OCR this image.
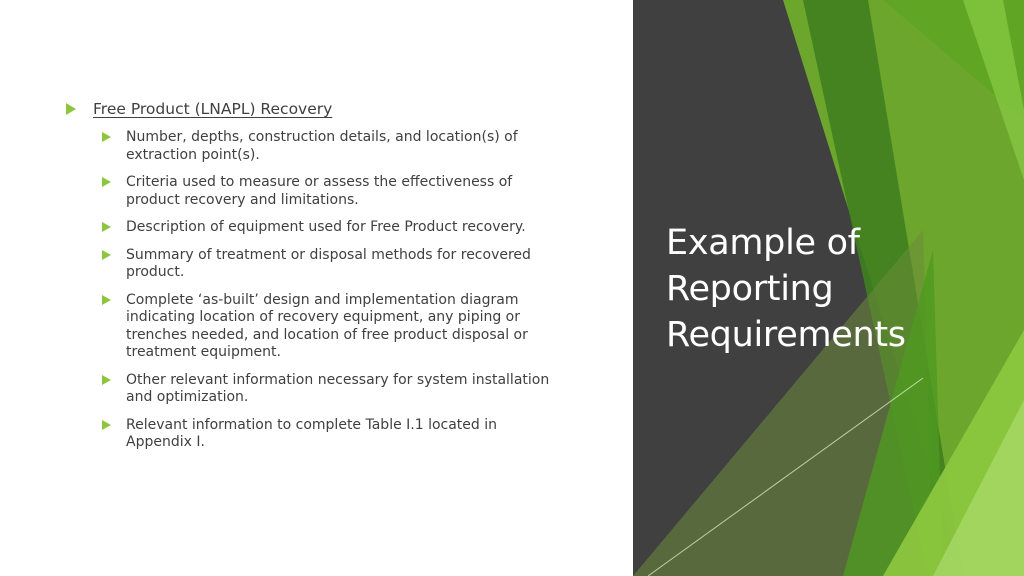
Free Product (LNAPL) Recovery
Number, depths, construction details, and location(s) of extraction point(s).
Criteria used to measure or assess the effectiveness of product recovery and limitations.
Description of equipment used for Free Product recovery.
Summary of treatment or disposal methods for recovered product.
Complete ‘as-built’ design and implementation diagram indicating location of recovery equipment, any piping or trenches needed, and location of free product disposal or treatment equipment.
Other relevant information necessary for system installation and optimization.
Relevant information to complete Table I.1 located in Appendix I.
Example of
Reporting
Requirements
